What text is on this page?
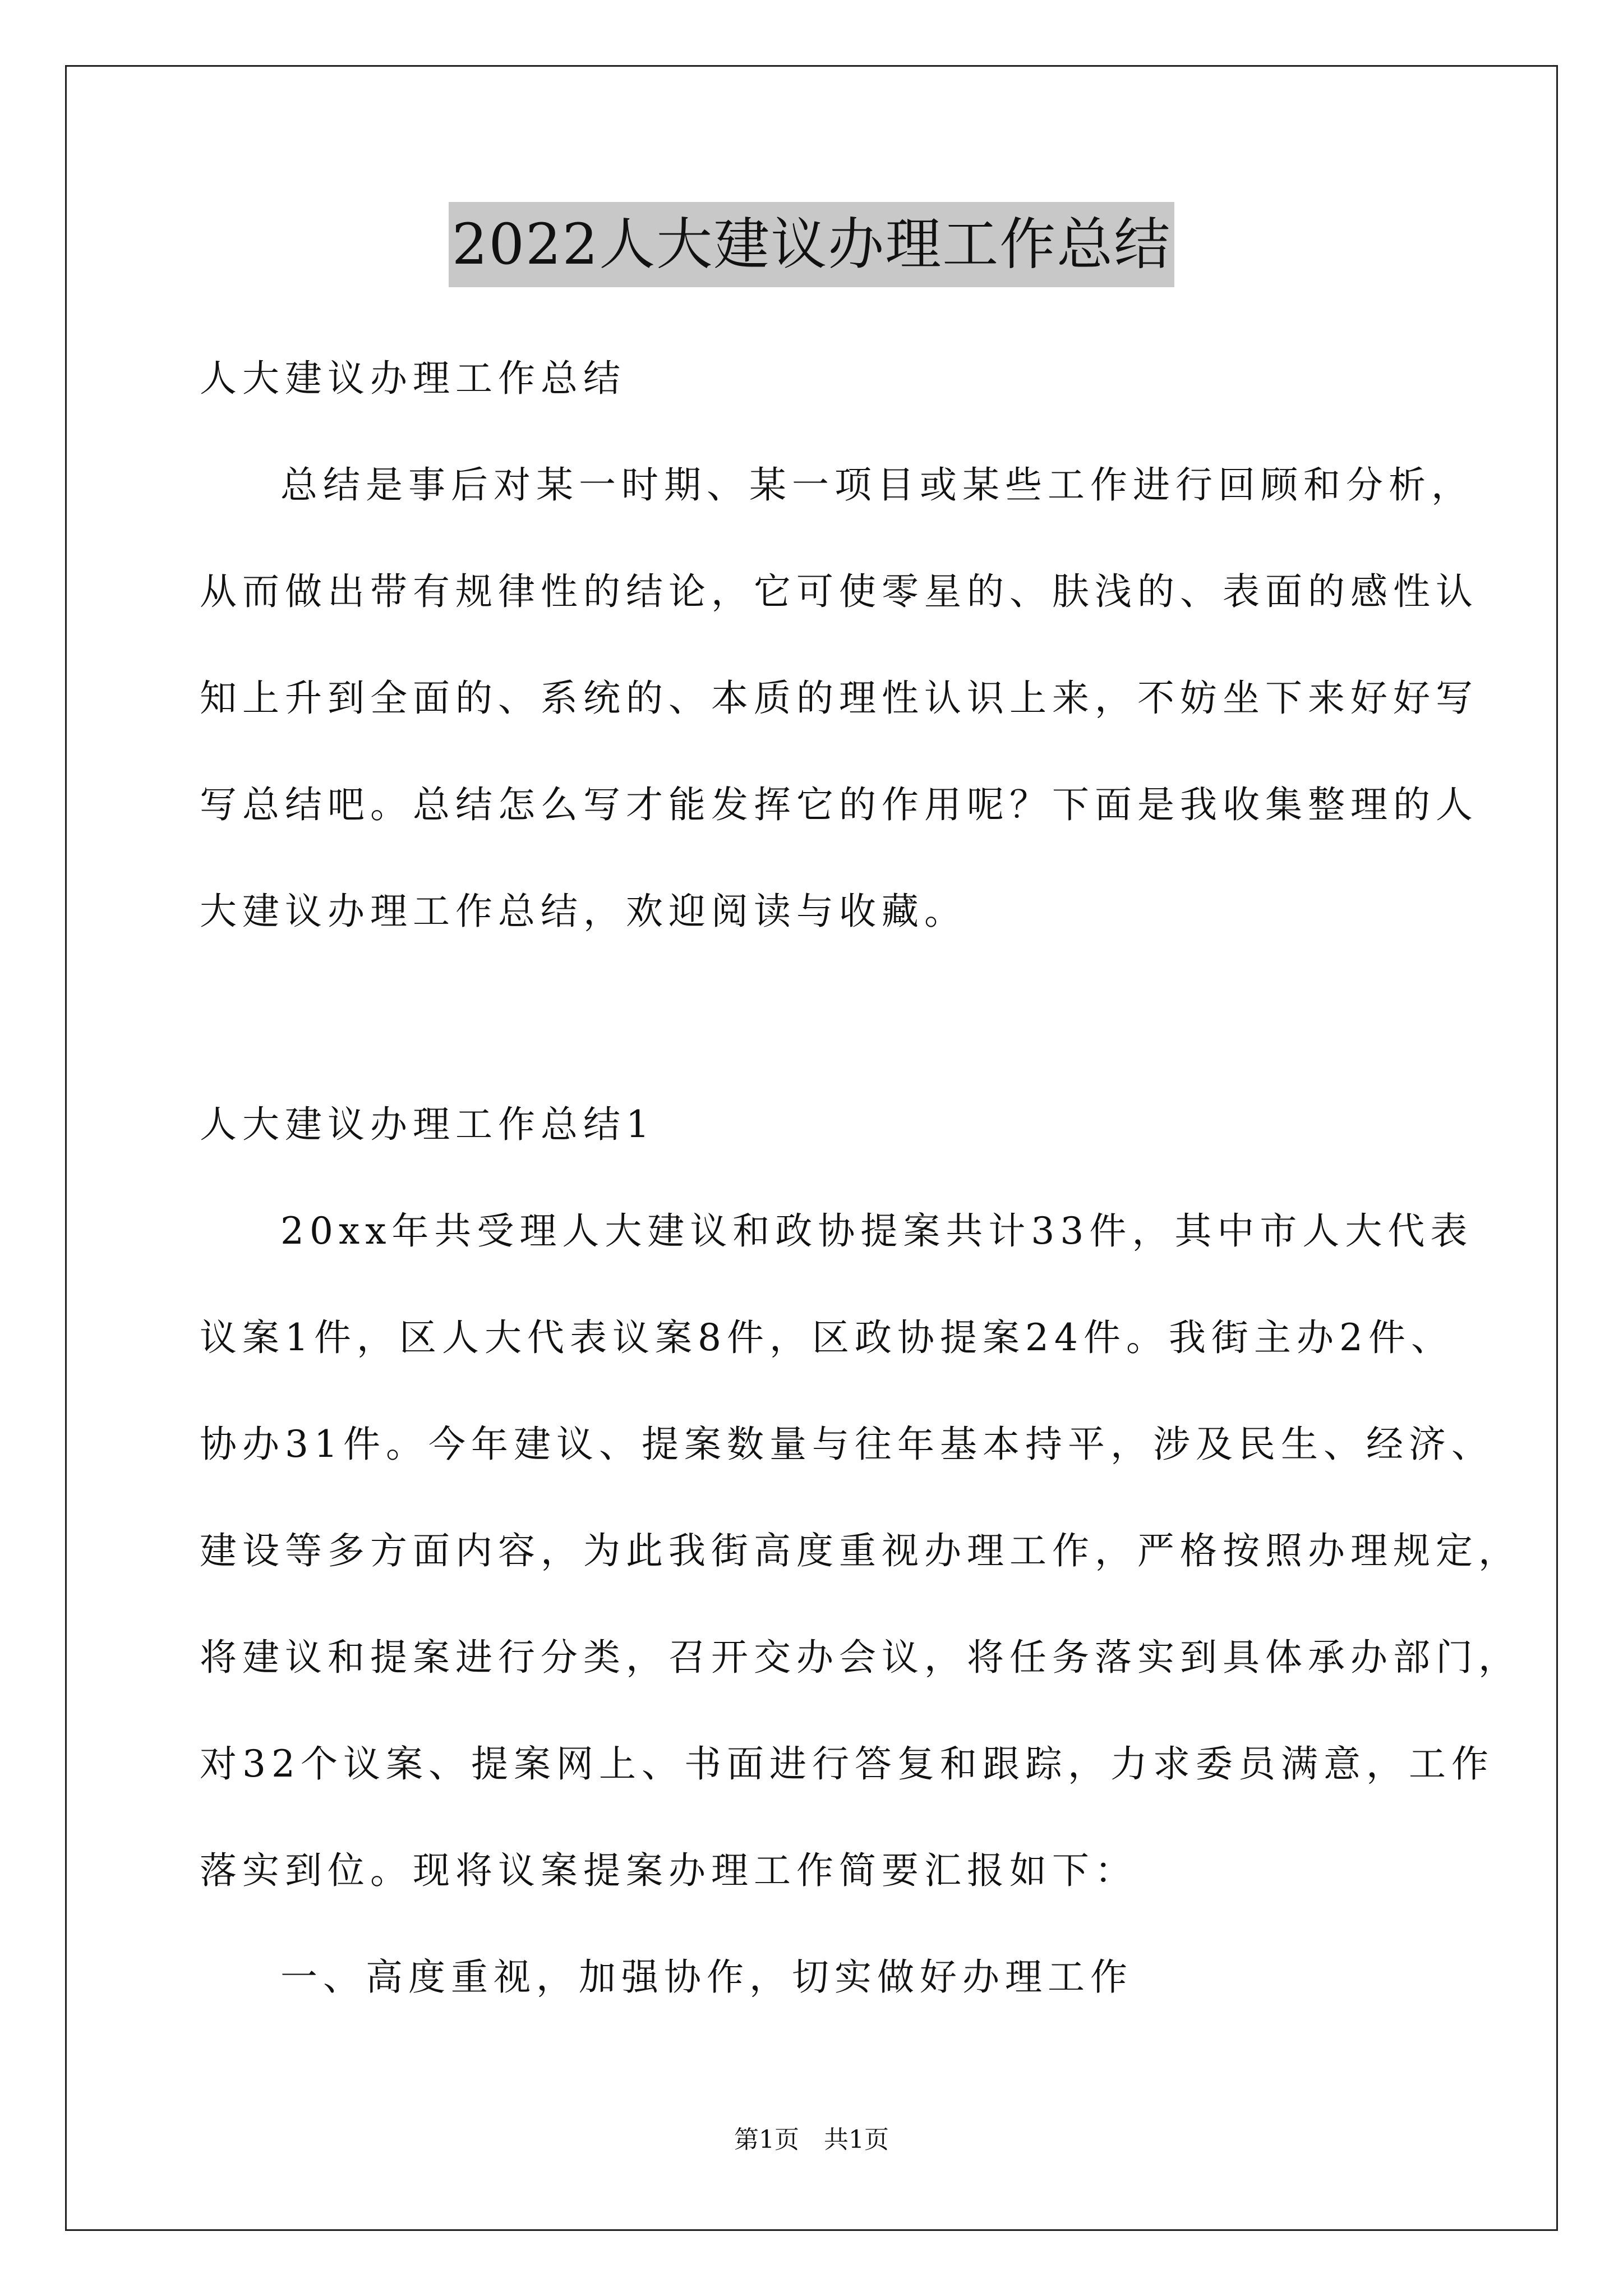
2022人大建议办理工作总结
人大建议办理工作总结
总结是事后对某一时期、某一项目或某些工作进行回顾和分析，
从而做出带有规律性的结论，它可使零星的、肤浅的、表面的感性认
知上升到全面的、系统的、本质的理性认识上来，不妨坐下来好好写
写总结吧。总结怎么写才能发挥它的作用呢？下面是我收集整理的人
大建议办理工作总结，欢迎阅读与收藏。
人大建议办理工作总结1
20xx年共受理人大建议和政协提案共计33件，其中市人大代表
议案1件，区人大代表议案8件，区政协提案24件。我街主办2件、
协办31件。今年建议、提案数量与往年基本持平，涉及民生、经济、
建设等多方面内容，为此我街高度重视办理工作，严格按照办理规定，
将建议和提案进行分类，召开交办会议，将任务落实到具体承办部门，
对32个议案、提案网上、书面进行答复和跟踪，力求委员满意，工作
落实到位。现将议案提案办理工作简要汇报如下：
一、高度重视，加强协作，切实做好办理工作
第1页　共1页
